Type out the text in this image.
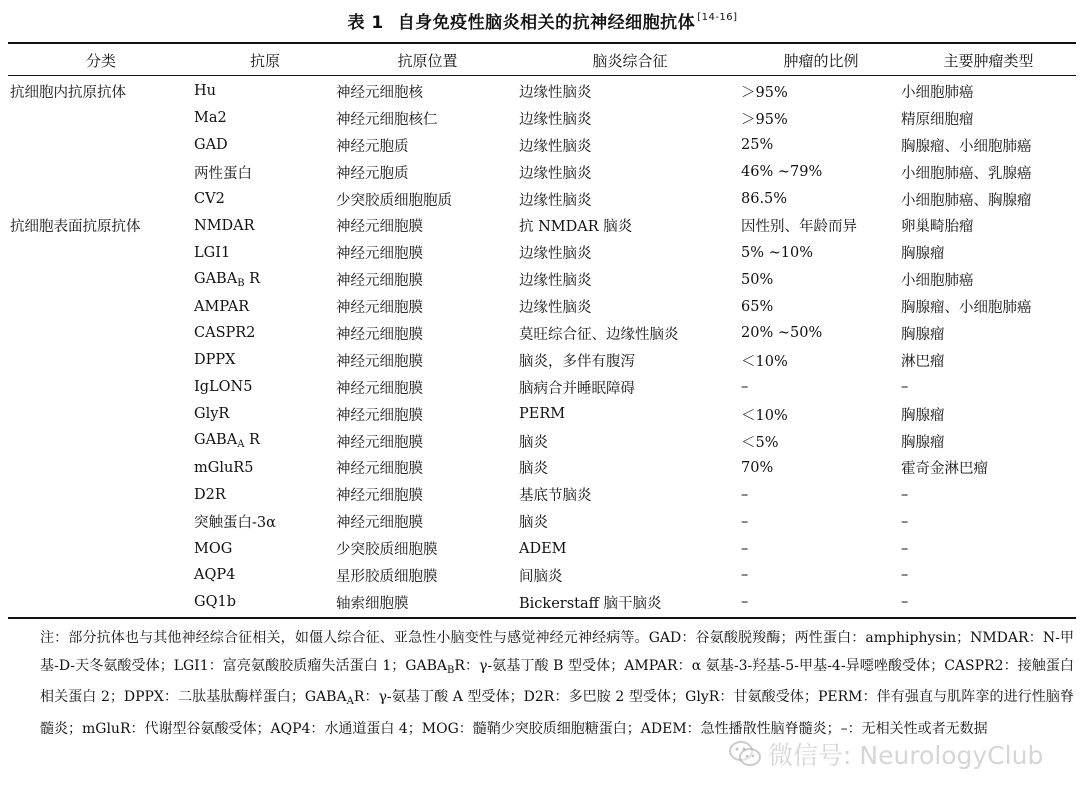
表 1 自身免疫性脑炎相关的抗神经细胞抗体 [14-16]
分类	抗原	抗原位置	脑炎综合征	肿瘤的比例	主要肿瘤类型
抗细胞内抗原抗体	Hu	神经元细胞核	边缘性脑炎	＞95%	小细胞肺癌
	Ma2	神经元细胞核仁	边缘性脑炎	＞95%	精原细胞瘤
	GAD	神经元胞质	边缘性脑炎	25%	胸腺瘤、小细胞肺癌
	两性蛋白	神经元胞质	边缘性脑炎	46% ~79%	小细胞肺癌、乳腺癌
	CV2	少突胶质细胞胞质	边缘性脑炎	86.5%	小细胞肺癌、胸腺瘤
抗细胞表面抗原抗体	NMDAR	神经元细胞膜	抗 NMDAR 脑炎	因性别、年龄而异	卵巢畸胎瘤
	LGI1	神经元细胞膜	边缘性脑炎	5% ~10%	胸腺瘤
	$GABA_B$ R	神经元细胞膜	边缘性脑炎	50%	小细胞肺癌
	AMPAR	神经元细胞膜	边缘性脑炎	65%	胸腺瘤、小细胞肺癌
	CASPR2	神经元细胞膜	莫旺综合征、边缘性脑炎	20% ~50%	胸腺瘤
	DPPX	神经元细胞膜	脑炎，多伴有腹泻	＜10%	淋巴瘤
	IgLON5	神经元细胞膜	脑病合并睡眠障碍	–	–
	GlyR	神经元细胞膜	PERM	＜10%	胸腺瘤
	$GABA_A$ R	神经元细胞膜	脑炎	＜5%	胸腺瘤
	mGluR5	神经元细胞膜	脑炎	70%	霍奇金淋巴瘤
	D2R	神经元细胞膜	基底节脑炎	–	–
	突触蛋白-3α	神经元细胞膜	脑炎	–	–
	MOG	少突胶质细胞膜	ADEM	–	–
	AQP4	星形胶质细胞膜	间脑炎	–	–
	GQ1b	轴索细胞膜	Bickerstaff 脑干脑炎	–	–
注：部分抗体也与其他神经综合征相关，如僵人综合征、亚急性小脑变性与感觉神经元神经病等。GAD：谷氨酸脱羧酶；两性蛋白：amphiphysin；NMDAR：N-甲基-D-天冬氨酸受体；LGI1：富亮氨酸胶质瘤失活蛋白 1；$GABA_BR$：γ-氨基丁酸 B 型受体；AMPAR：α 氨基-3-羟基-5-甲基-4-异噁唑酸受体；CASPR2：接触蛋白相关蛋白 2；DPPX：二肽基肽酶样蛋白；$GABA_AR$：γ-氨基丁酸 A 型受体；D2R：多巴胺 2 型受体；GlyR：甘氨酸受体；PERM：伴有强直与肌阵挛的进行性脑脊髓炎；mGluR：代谢型谷氨酸受体；AQP4：水通道蛋白 4；MOG：髓鞘少突胶质细胞糖蛋白；ADEM：急性播散性脑脊髓炎；–：无相关性或者无数据
微信号: NeurologyClub
